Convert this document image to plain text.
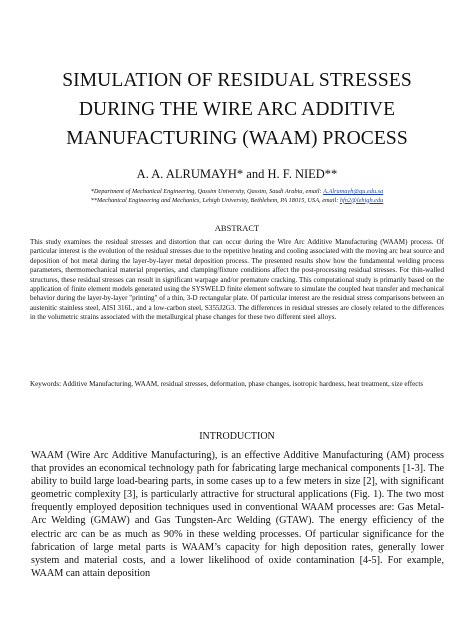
SIMULATION OF RESIDUAL STRESSES
DURING THE WIRE ARC ADDITIVE
MANUFACTURING (WAAM) PROCESS
A. A. ALRUMAYH* and H. F. NIED**
*Department of Mechanical Engineering, Qassim University, Qassim, Saudi Arabia, email: A.Alrumayh@qu.edu.sa
**Mechanical Engineering and Mechanics, Lehigh University, Bethlehem, PA 18015, USA, email: hfn2@lehigh.edu
ABSTRACT
This study examines the residual stresses and distortion that can occur during the Wire Arc Additive Manufacturing (WAAM) process. Of particular interest is the evolution of the residual stresses due to the repetitive heating and cooling associated with the moving arc heat source and deposition of hot metal during the layer-by-layer metal deposition process. The presented results show how the fundamental welding process parameters, thermomechanical material properties, and clamping/fixture conditions affect the post-processing residual stresses. For thin-walled structures, these residual stresses can result in significant warpage and/or premature cracking. This computational study is primarily based on the application of finite element models generated using the SYSWELD finite element software to simulate the coupled heat transfer and mechanical behavior during the layer-by-layer "printing" of a thin, 3-D rectangular plate. Of particular interest are the residual stress comparisons between an austenitic stainless steel, AISI 316L, and a low-carbon steel, S355J2G3. The differences in residual stresses are closely related to the differences in the volumetric strains associated with the metallurgical phase changes for these two different steel alloys.
Keywords: Additive Manufacturing, WAAM, residual stresses, deformation, phase changes, isotropic hardness, heat treatment, size effects
INTRODUCTION
WAAM (Wire Arc Additive Manufacturing), is an effective Additive Manufacturing (AM) process that provides an economical technology path for fabricating large mechanical components [1-3]. The ability to build large load-bearing parts, in some cases up to a few meters in size [2], with significant geometric complexity [3], is particularly attractive for structural applications (Fig. 1). The two most frequently employed deposition techniques used in conventional WAAM processes are: Gas Metal-Arc Welding (GMAW) and Gas Tungsten-Arc Welding (GTAW). The energy efficiency of the electric arc can be as much as 90% in these welding processes. Of particular significance for the fabrication of large metal parts is WAAM’s capacity for high deposition rates, generally lower system and material costs, and a lower likelihood of oxide contamination [4-5]. For example, WAAM can attain deposition
